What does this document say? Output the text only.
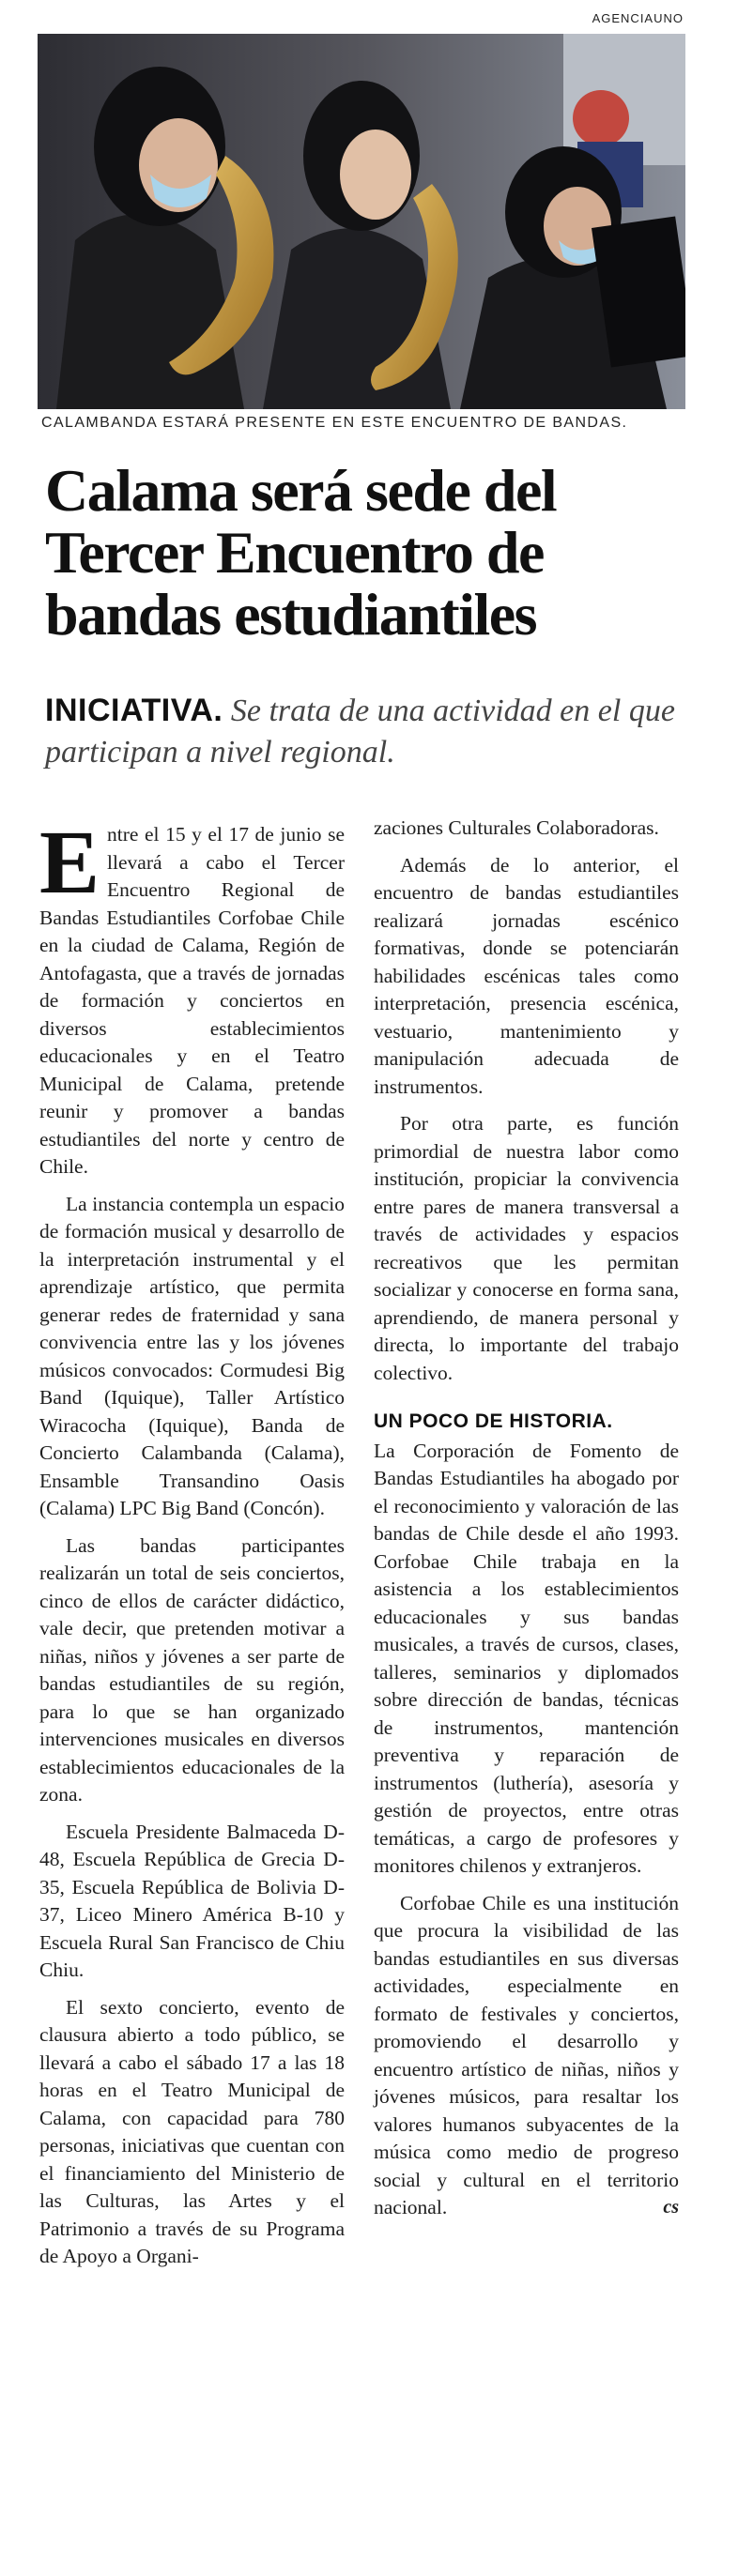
AGENCIAUNO
CALAMBANDA ESTARÁ PRESENTE EN ESTE ENCUENTRO DE BANDAS.
Calama será sede del
Tercer Encuentro de
bandas estudiantiles
INICIATIVA. Se trata de una actividad en el que participan a nivel regional.

Entre el 15 y el 17 de junio se llevará a cabo el Tercer Encuentro Regional de Bandas Estudiantiles Corfobae Chile en la ciudad de Calama, Región de Antofagasta, que a través de jornadas de formación y conciertos en diversos establecimientos educacionales y en el Teatro Municipal de Calama, pretende reunir y promover a bandas estudiantiles del norte y centro de Chile.

La instancia contempla un espacio de formación musical y desarrollo de la interpretación instrumental y el aprendizaje artístico, que permita generar redes de fraternidad y sana convivencia entre las y los jóvenes músicos convocados: Cormudesi Big Band (Iquique), Taller Artístico Wiracocha (Iquique), Banda de Concierto Calambanda (Calama), Ensamble Transandino Oasis (Calama) LPC Big Band (Concón).

Las bandas participantes realizarán un total de seis conciertos, cinco de ellos de carácter didáctico, vale decir, que pretenden motivar a niñas, niños y jóvenes a ser parte de bandas estudiantiles de su región, para lo que se han organizado intervenciones musicales en diversos establecimientos educacionales de la zona.

Escuela Presidente Balmaceda D-48, Escuela República de Grecia D-35, Escuela República de Bolivia D-37, Liceo Minero América B-10 y Escuela Rural San Francisco de Chiu Chiu.

El sexto concierto, evento de clausura abierto a todo público, se llevará a cabo el sábado 17 a las 18 horas en el Teatro Municipal de Calama, con capacidad para 780 personas, iniciativas que cuentan con el financiamiento del Ministerio de las Culturas, las Artes y el Patrimonio a través de su Programa de Apoyo a Organi-

zaciones Culturales Colaboradoras.

Además de lo anterior, el encuentro de bandas estudiantiles realizará jornadas escénico formativas, donde se potenciarán habilidades escénicas tales como interpretación, presencia escénica, vestuario, mantenimiento y manipulación adecuada de instrumentos.

Por otra parte, es función primordial de nuestra labor como institución, propiciar la convivencia entre pares de manera transversal a través de actividades y espacios recreativos que les permitan socializar y conocerse en forma sana, aprendiendo, de manera personal y directa, lo importante del trabajo colectivo.

UN POCO DE HISTORIA.

La Corporación de Fomento de Bandas Estudiantiles ha abogado por el reconocimiento y valoración de las bandas de Chile desde el año 1993. Corfobae Chile trabaja en la asistencia a los establecimientos educacionales y sus bandas musicales, a través de cursos, clases, talleres, seminarios y diplomados sobre dirección de bandas, técnicas de instrumentos, mantención preventiva y reparación de instrumentos (luthería), asesoría y gestión de proyectos, entre otras temáticas, a cargo de profesores y monitores chilenos y extranjeros.

Corfobae Chile es una institución que procura la visibilidad de las bandas estudiantiles en sus diversas actividades, especialmente en formato de festivales y conciertos, promoviendo el desarrollo y encuentro artístico de niñas, niños y jóvenes músicos, para resaltar los valores humanos subyacentes de la música como medio de progreso social y cultural en el territorio nacional.	cs
